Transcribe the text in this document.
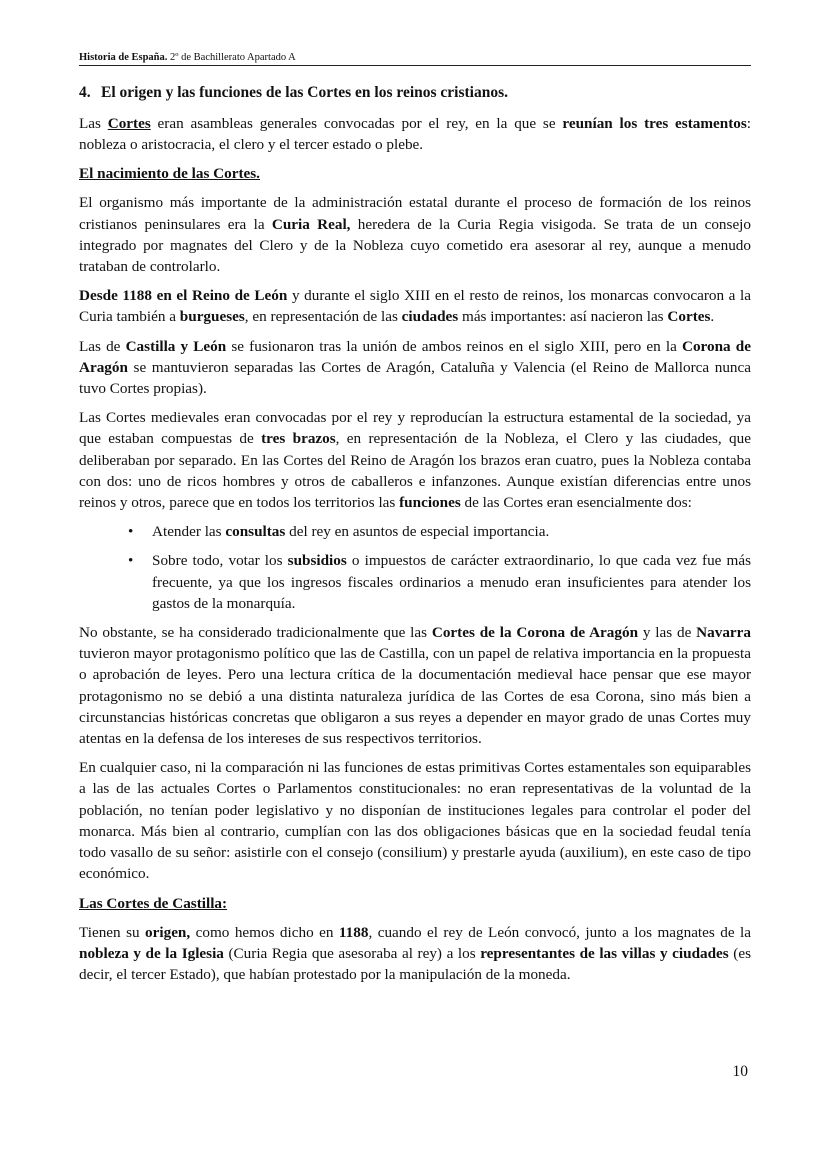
Historia de España. 2º de Bachillerato Apartado A
4. El origen y las funciones de las Cortes en los reinos cristianos.

Las Cortes eran asambleas generales convocadas por el rey, en la que se reunían los tres estamentos: nobleza o aristocracia, el clero y el tercer estado o plebe.

El nacimiento de las Cortes.

El organismo más importante de la administración estatal durante el proceso de formación de los reinos cristianos peninsulares era la Curia Real, heredera de la Curia Regia visigoda. Se trata de un consejo integrado por magnates del Clero y de la Nobleza cuyo cometido era asesorar al rey, aunque a menudo trataban de controlarlo.

Desde 1188 en el Reino de León y durante el siglo XIII en el resto de reinos, los monarcas convocaron a la Curia también a burgueses, en representación de las ciudades más importantes: así nacieron las Cortes.

Las de Castilla y León se fusionaron tras la unión de ambos reinos en el siglo XIII, pero en la Corona de Aragón se mantuvieron separadas las Cortes de Aragón, Cataluña y Valencia (el Reino de Mallorca nunca tuvo Cortes propias).

Las Cortes medievales eran convocadas por el rey y reproducían la estructura estamental de la sociedad, ya que estaban compuestas de tres brazos, en representación de la Nobleza, el Clero y las ciudades, que deliberaban por separado. En las Cortes del Reino de Aragón los brazos eran cuatro, pues la Nobleza contaba con dos: uno de ricos hombres y otros de caballeros e infanzones. Aunque existían diferencias entre unos reinos y otros, parece que en todos los territorios las funciones de las Cortes eran esencialmente dos:

• Atender las consultas del rey en asuntos de especial importancia.
• Sobre todo, votar los subsidios o impuestos de carácter extraordinario, lo que cada vez fue más frecuente, ya que los ingresos fiscales ordinarios a menudo eran insuficientes para atender los gastos de la monarquía.

No obstante, se ha considerado tradicionalmente que las Cortes de la Corona de Aragón y las de Navarra tuvieron mayor protagonismo político que las de Castilla, con un papel de relativa importancia en la propuesta o aprobación de leyes. Pero una lectura crítica de la documentación medieval hace pensar que ese mayor protagonismo no se debió a una distinta naturaleza jurídica de las Cortes de esa Corona, sino más bien a circunstancias históricas concretas que obligaron a sus reyes a depender en mayor grado de unas Cortes muy atentas en la defensa de los intereses de sus respectivos territorios.

En cualquier caso, ni la comparación ni las funciones de estas primitivas Cortes estamentales son equiparables a las de las actuales Cortes o Parlamentos constitucionales: no eran representativas de la voluntad de la población, no tenían poder legislativo y no disponían de instituciones legales para controlar el poder del monarca. Más bien al contrario, cumplían con las dos obligaciones básicas que en la sociedad feudal tenía todo vasallo de su señor: asistirle con el consejo (consilium) y prestarle ayuda (auxilium), en este caso de tipo económico.

Las Cortes de Castilla:

Tienen su origen, como hemos dicho en 1188, cuando el rey de León convocó, junto a los magnates de la nobleza y de la Iglesia (Curia Regia que asesoraba al rey) a los representantes de las villas y ciudades (es decir, el tercer Estado), que habían protestado por la manipulación de la moneda.

10
